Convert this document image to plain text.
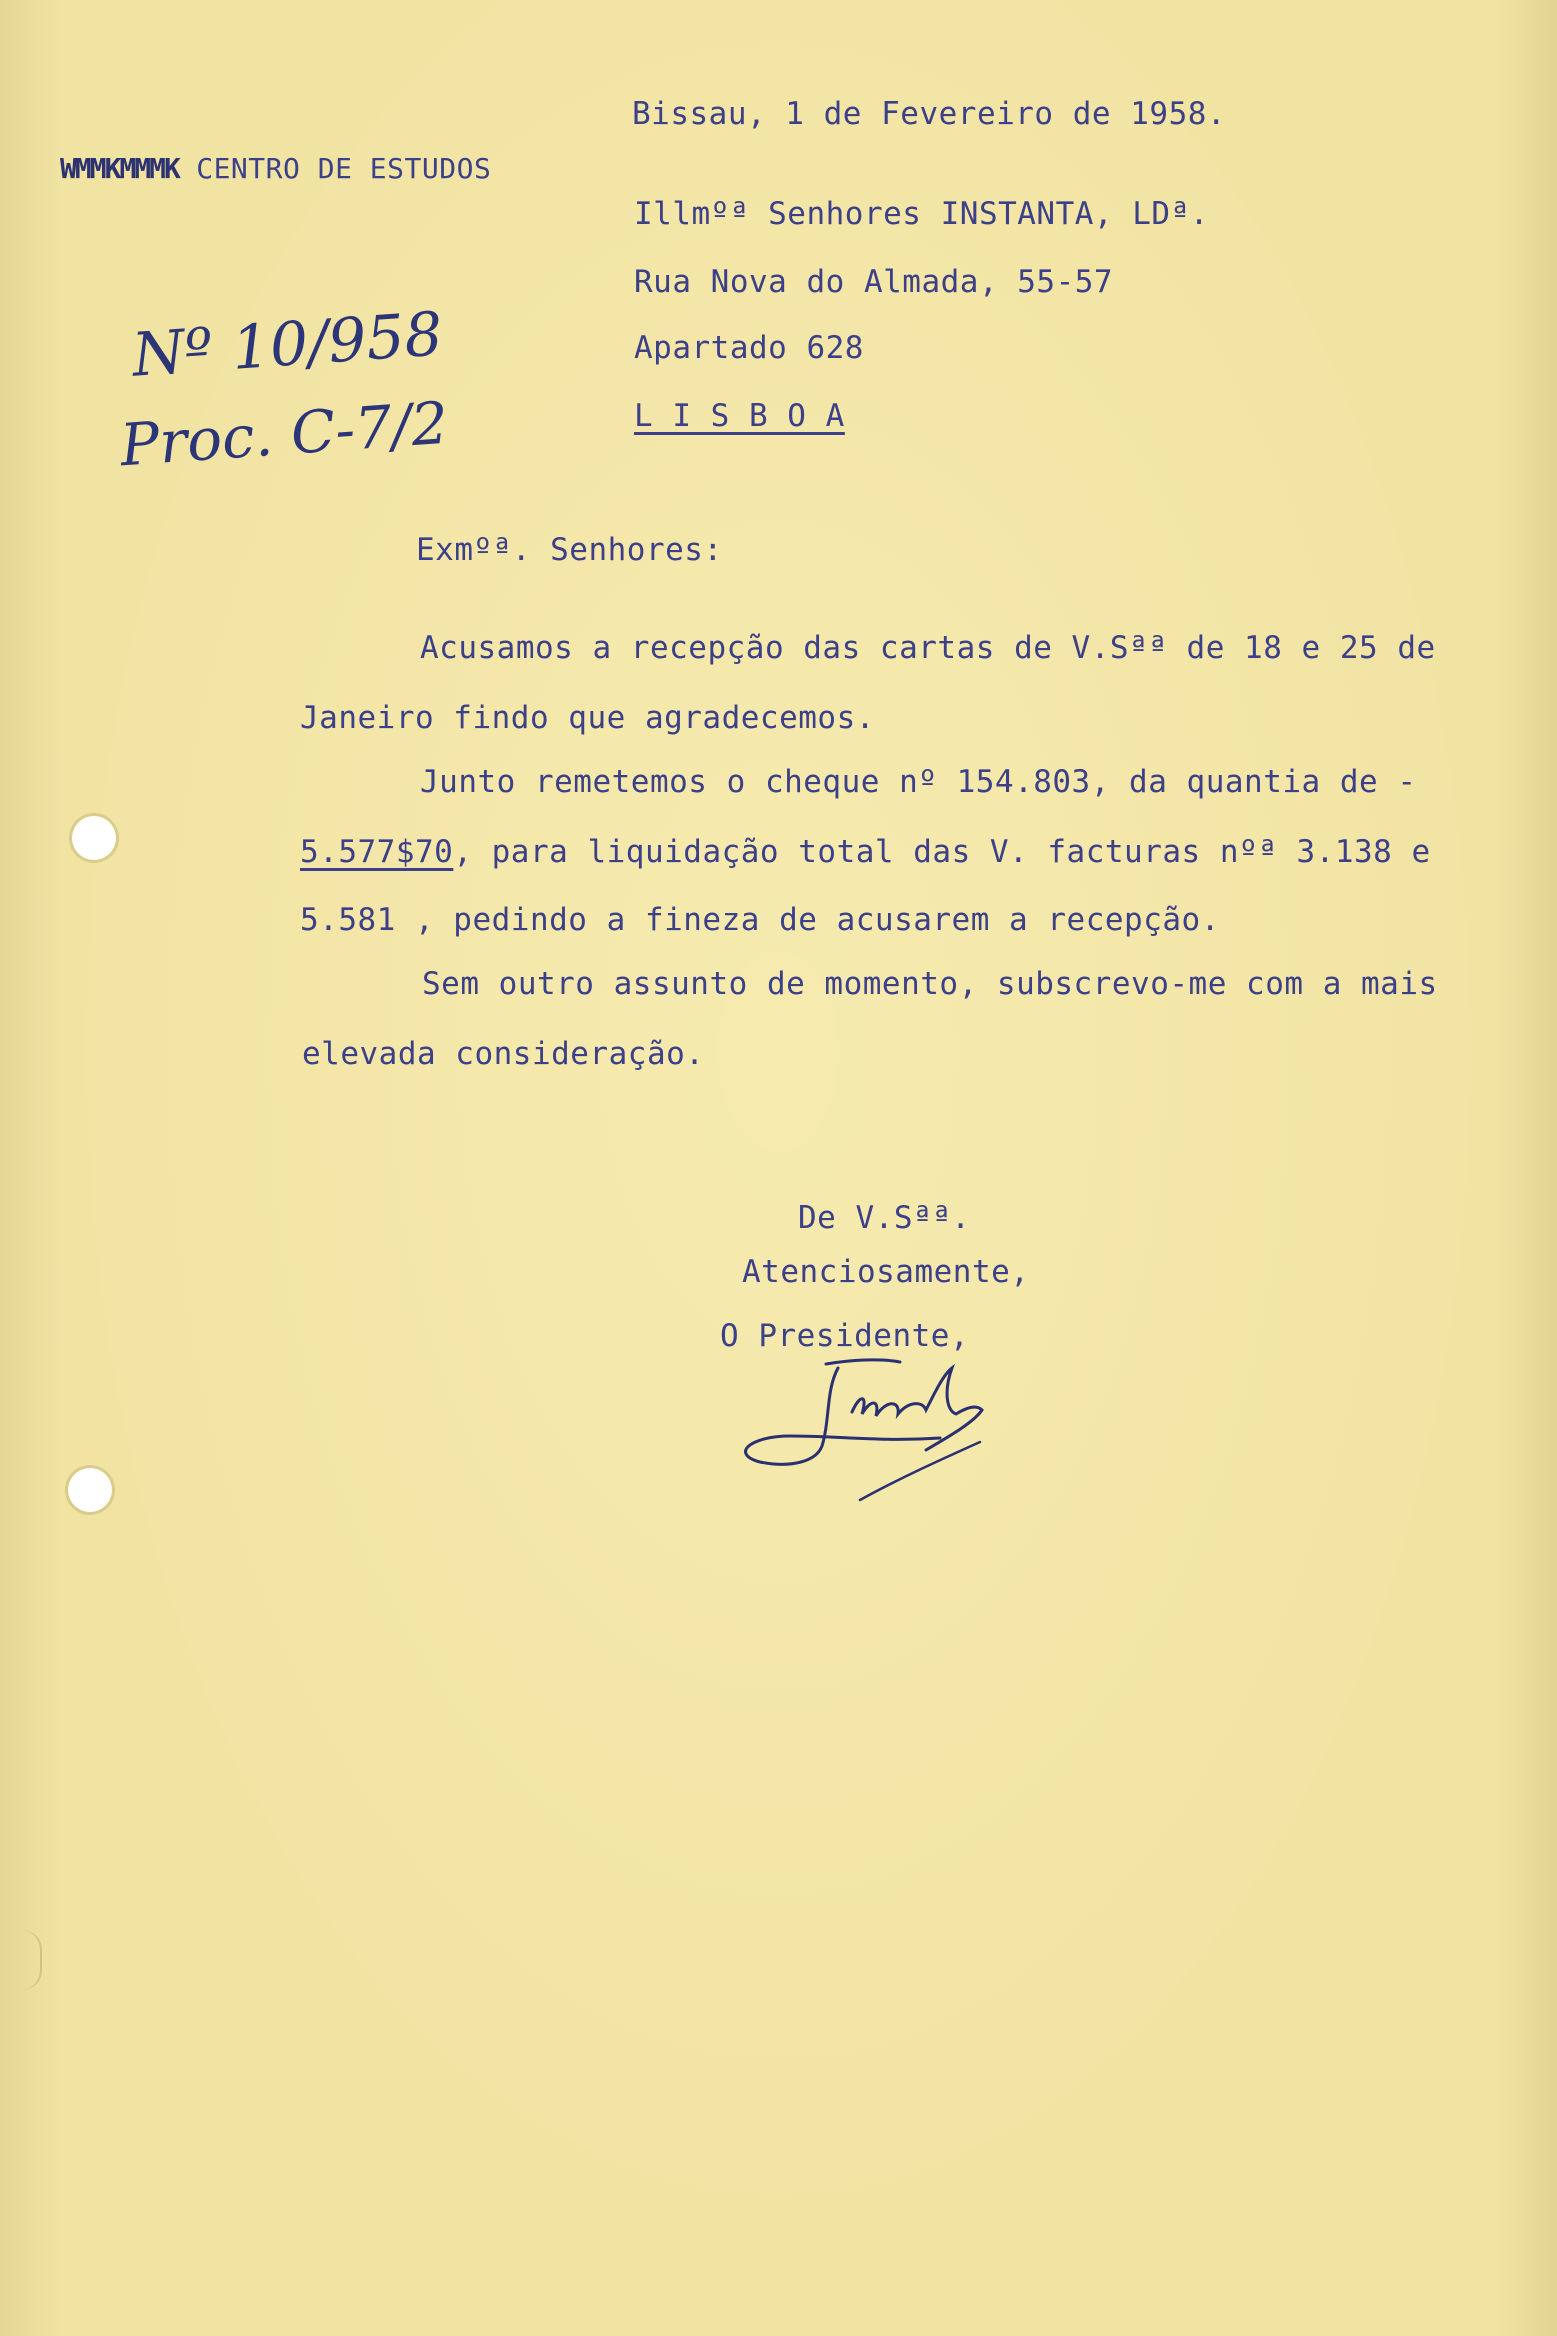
Bissau, 1 de Fevereiro de 1958.
WMMKMMMK CENTRO DE ESTUDOS
Nº 10/958
Proc. C-7/2
Illmºª Senhores INSTANTA, LDª.
Rua Nova do Almada, 55-57
Apartado 628
L I S B O A
Exmºª. Senhores:
Acusamos a recepção das cartas de V.Sªª de 18 e 25 de
Janeiro findo que agradecemos.
Junto remetemos o cheque nº 154.803, da quantia de -
5.577$70, para liquidação total das V. facturas nºª 3.138 e
5.581 , pedindo a fineza de acusarem a recepção.
Sem outro assunto de momento, subscrevo-me com a mais
elevada consideração.
De V.Sªª.
Atenciosamente,
O Presidente,
